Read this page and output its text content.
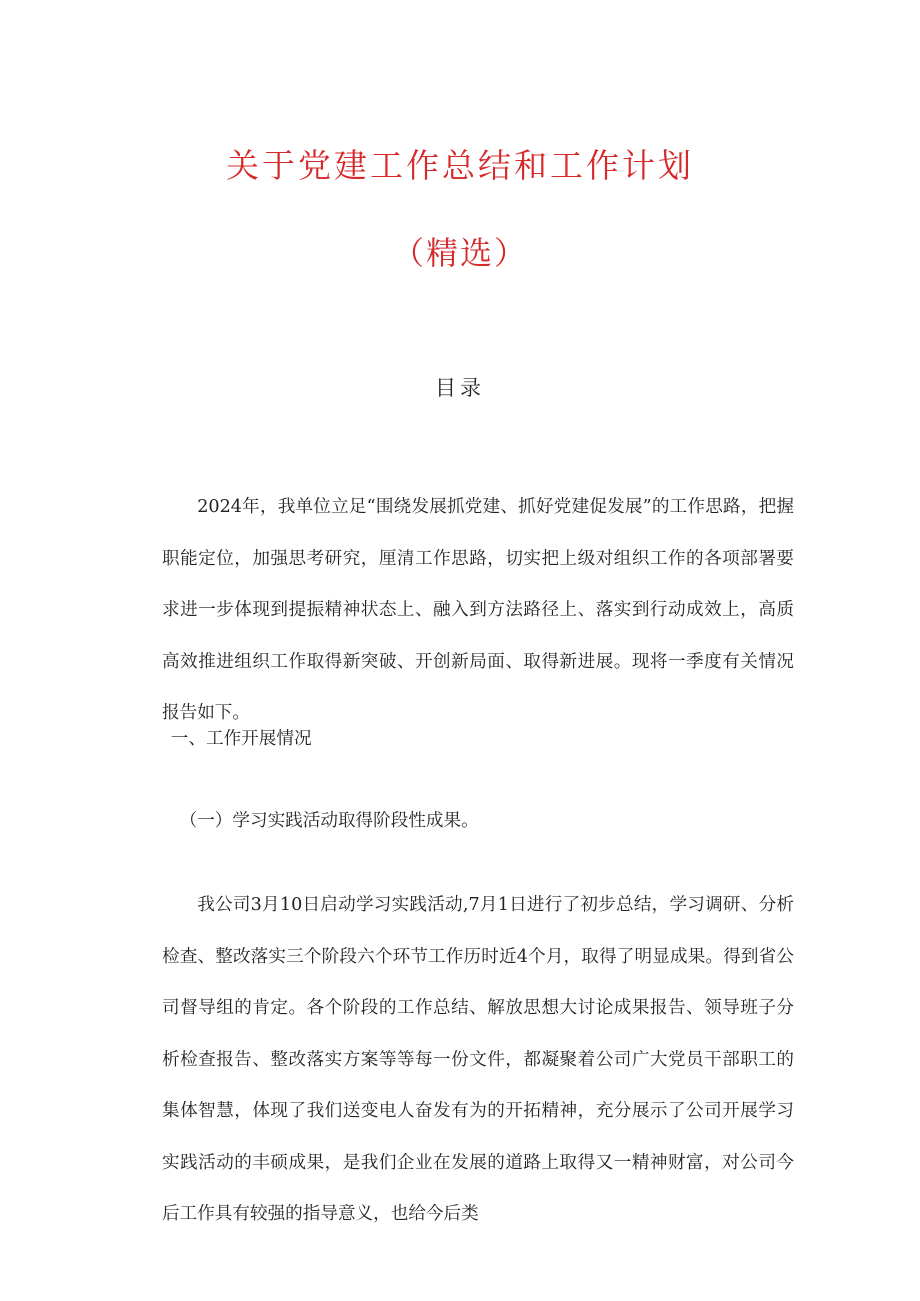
关于党建工作总结和工作计划
（精选）
目录
2024年，我单位立足“围绕发展抓党建、抓好党建促发展”的工作思路，把握职能定位，加强思考研究，厘清工作思路，切实把上级对组织工作的各项部署要求进一步体现到提振精神状态上、融入到方法路径上、落实到行动成效上，高质高效推进组织工作取得新突破、开创新局面、取得新进展。现将一季度有关情况报告如下。
一、工作开展情况
（一）学习实践活动取得阶段性成果。
我公司3月10日启动学习实践活动,7月1日进行了初步总结，学习调研、分析检查、整改落实三个阶段六个环节工作历时近4个月，取得了明显成果。得到省公司督导组的肯定。各个阶段的工作总结、解放思想大讨论成果报告、领导班子分析检查报告、整改落实方案等等每一份文件，都凝聚着公司广大党员干部职工的集体智慧，体现了我们送变电人奋发有为的开拓精神，充分展示了公司开展学习实践活动的丰硕成果，是我们企业在发展的道路上取得又一精神财富，对公司今后工作具有较强的指导意义，也给今后类
